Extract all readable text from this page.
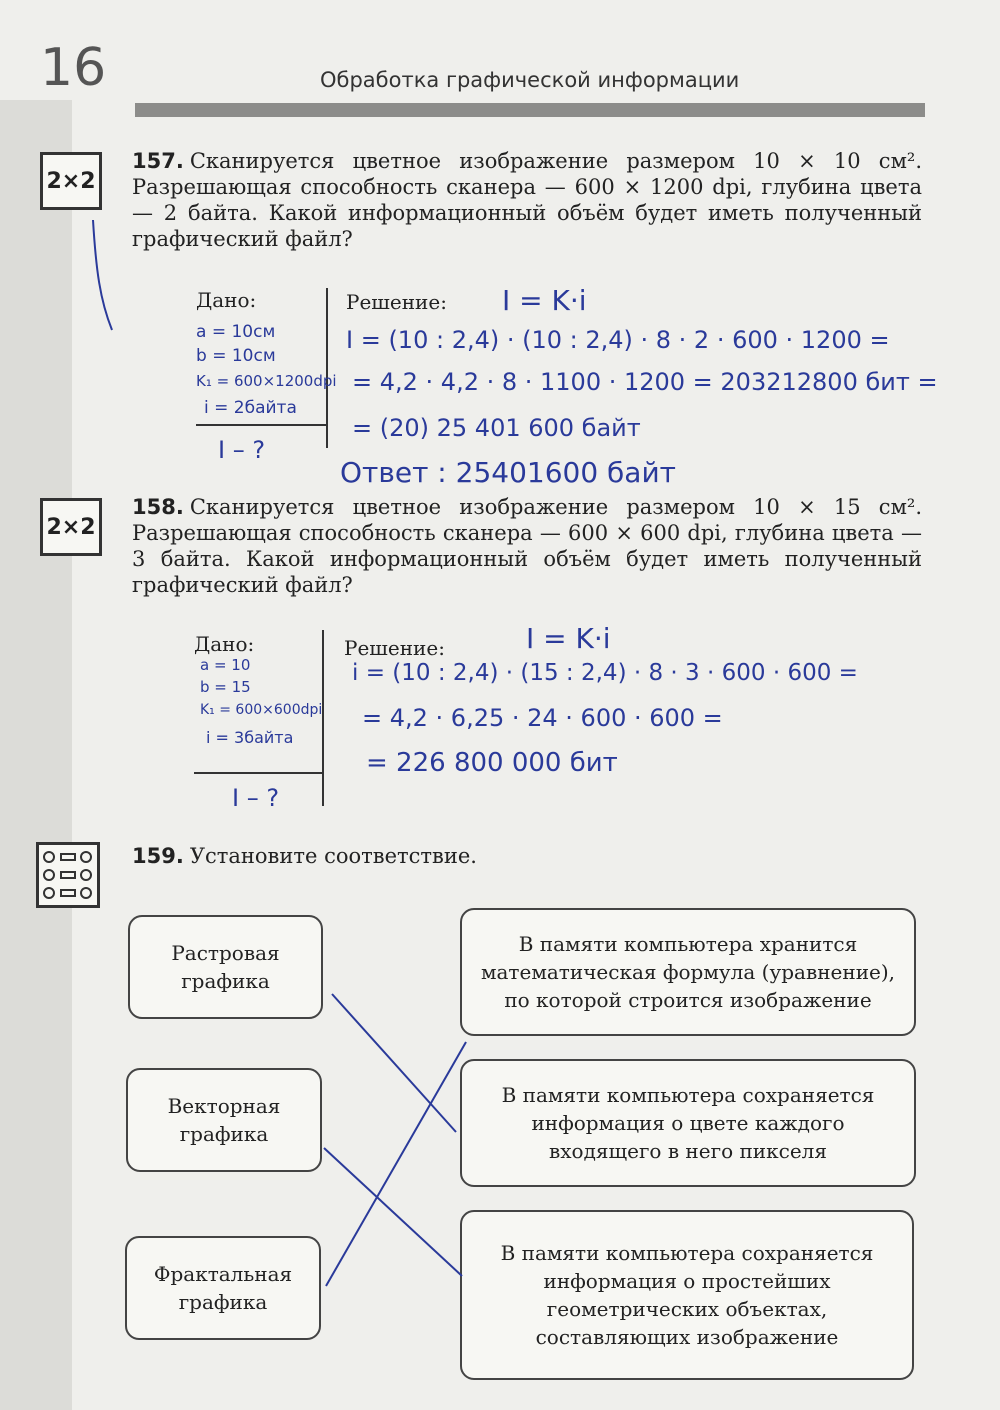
16	Обработка графической информации
2×2
157. Сканируется цветное изображение размером 10 × 10 см². Разрешающая способность сканера — 600 × 1200 dpi, глубина цвета — 2 байта. Какой информационный объём будет иметь полученный графический файл?
Дано:	Решение:
a = 10см
b = 10см
K₁ = 600×1200dpi
i = 2байта
I – ?
I = K·i
I = (10 : 2,4) · (10 : 2,4) · 8 · 2 · 600 · 1200 =
= 4,2 · 4,2 · 8 · 1100 · 1200 = 203212800 бит =
= (20) 25 401 600 байт
Ответ : 25401600 байт
2×2
158. Сканируется цветное изображение размером 10 × 15 см². Разрешающая способность сканера — 600 × 600 dpi, глубина цвета — 3 байта. Какой информационный объём будет иметь полученный графический файл?
Дано:	Решение:
a = 10
b = 15
K₁ = 600×600dpi
i = 3байта
I – ?
I = K·i
i = (10 : 2,4) · (15 : 2,4) · 8 · 3 · 600 · 600 =
= 4,2 · 6,25 · 24 · 600 · 600 =
= 226 800 000 бит
159. Установите соответствие.
Растровая графика
Векторная графика
Фрактальная графика
В памяти компьютера хранится математическая формула (уравнение), по которой строится изображение
В памяти компьютера сохраняется информация о цвете каждого входящего в него пикселя
В памяти компьютера сохраняется информация о простейших геометрических объектах, составляющих изображение
